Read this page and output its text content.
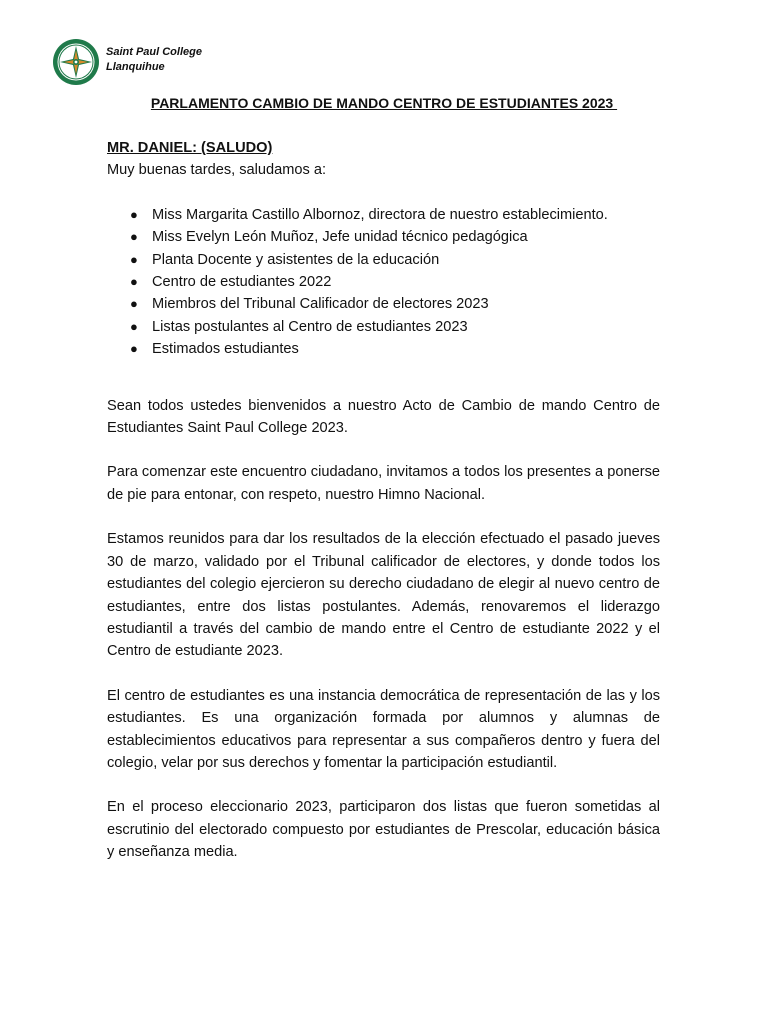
Saint Paul College
Llanquihue
PARLAMENTO CAMBIO DE MANDO CENTRO DE ESTUDIANTES 2023

MR. DANIEL: (SALUDO)

Muy buenas tardes, saludamos a:

● Miss Margarita Castillo Albornoz, directora de nuestro establecimiento.
● Miss Evelyn León Muñoz, Jefe unidad técnico pedagógica
● Planta Docente y asistentes de la educación
● Centro de estudiantes 2022
● Miembros del Tribunal Calificador de electores 2023
● Listas postulantes al Centro de estudiantes 2023
● Estimados estudiantes

Sean todos ustedes bienvenidos a nuestro Acto de Cambio de mando Centro de Estudiantes Saint Paul College 2023.

Para comenzar este encuentro ciudadano, invitamos a todos los presentes a ponerse de pie para entonar, con respeto, nuestro Himno Nacional.

Estamos reunidos para dar los resultados de la elección efectuado el pasado jueves 30 de marzo, validado por el Tribunal calificador de electores, y donde todos los estudiantes del colegio ejercieron su derecho ciudadano de elegir al nuevo centro de estudiantes, entre dos listas postulantes. Además, renovaremos el liderazgo estudiantil a través del cambio de mando entre el Centro de estudiante 2022 y el Centro de estudiante 2023.

El centro de estudiantes es una instancia democrática de representación de las y los estudiantes. Es una organización formada por alumnos y alumnas de establecimientos educativos para representar a sus compañeros dentro y fuera del colegio, velar por sus derechos y fomentar la participación estudiantil.

En el proceso eleccionario 2023, participaron dos listas que fueron sometidas al escrutinio del electorado compuesto por estudiantes de Prescolar, educación básica y enseñanza media.
